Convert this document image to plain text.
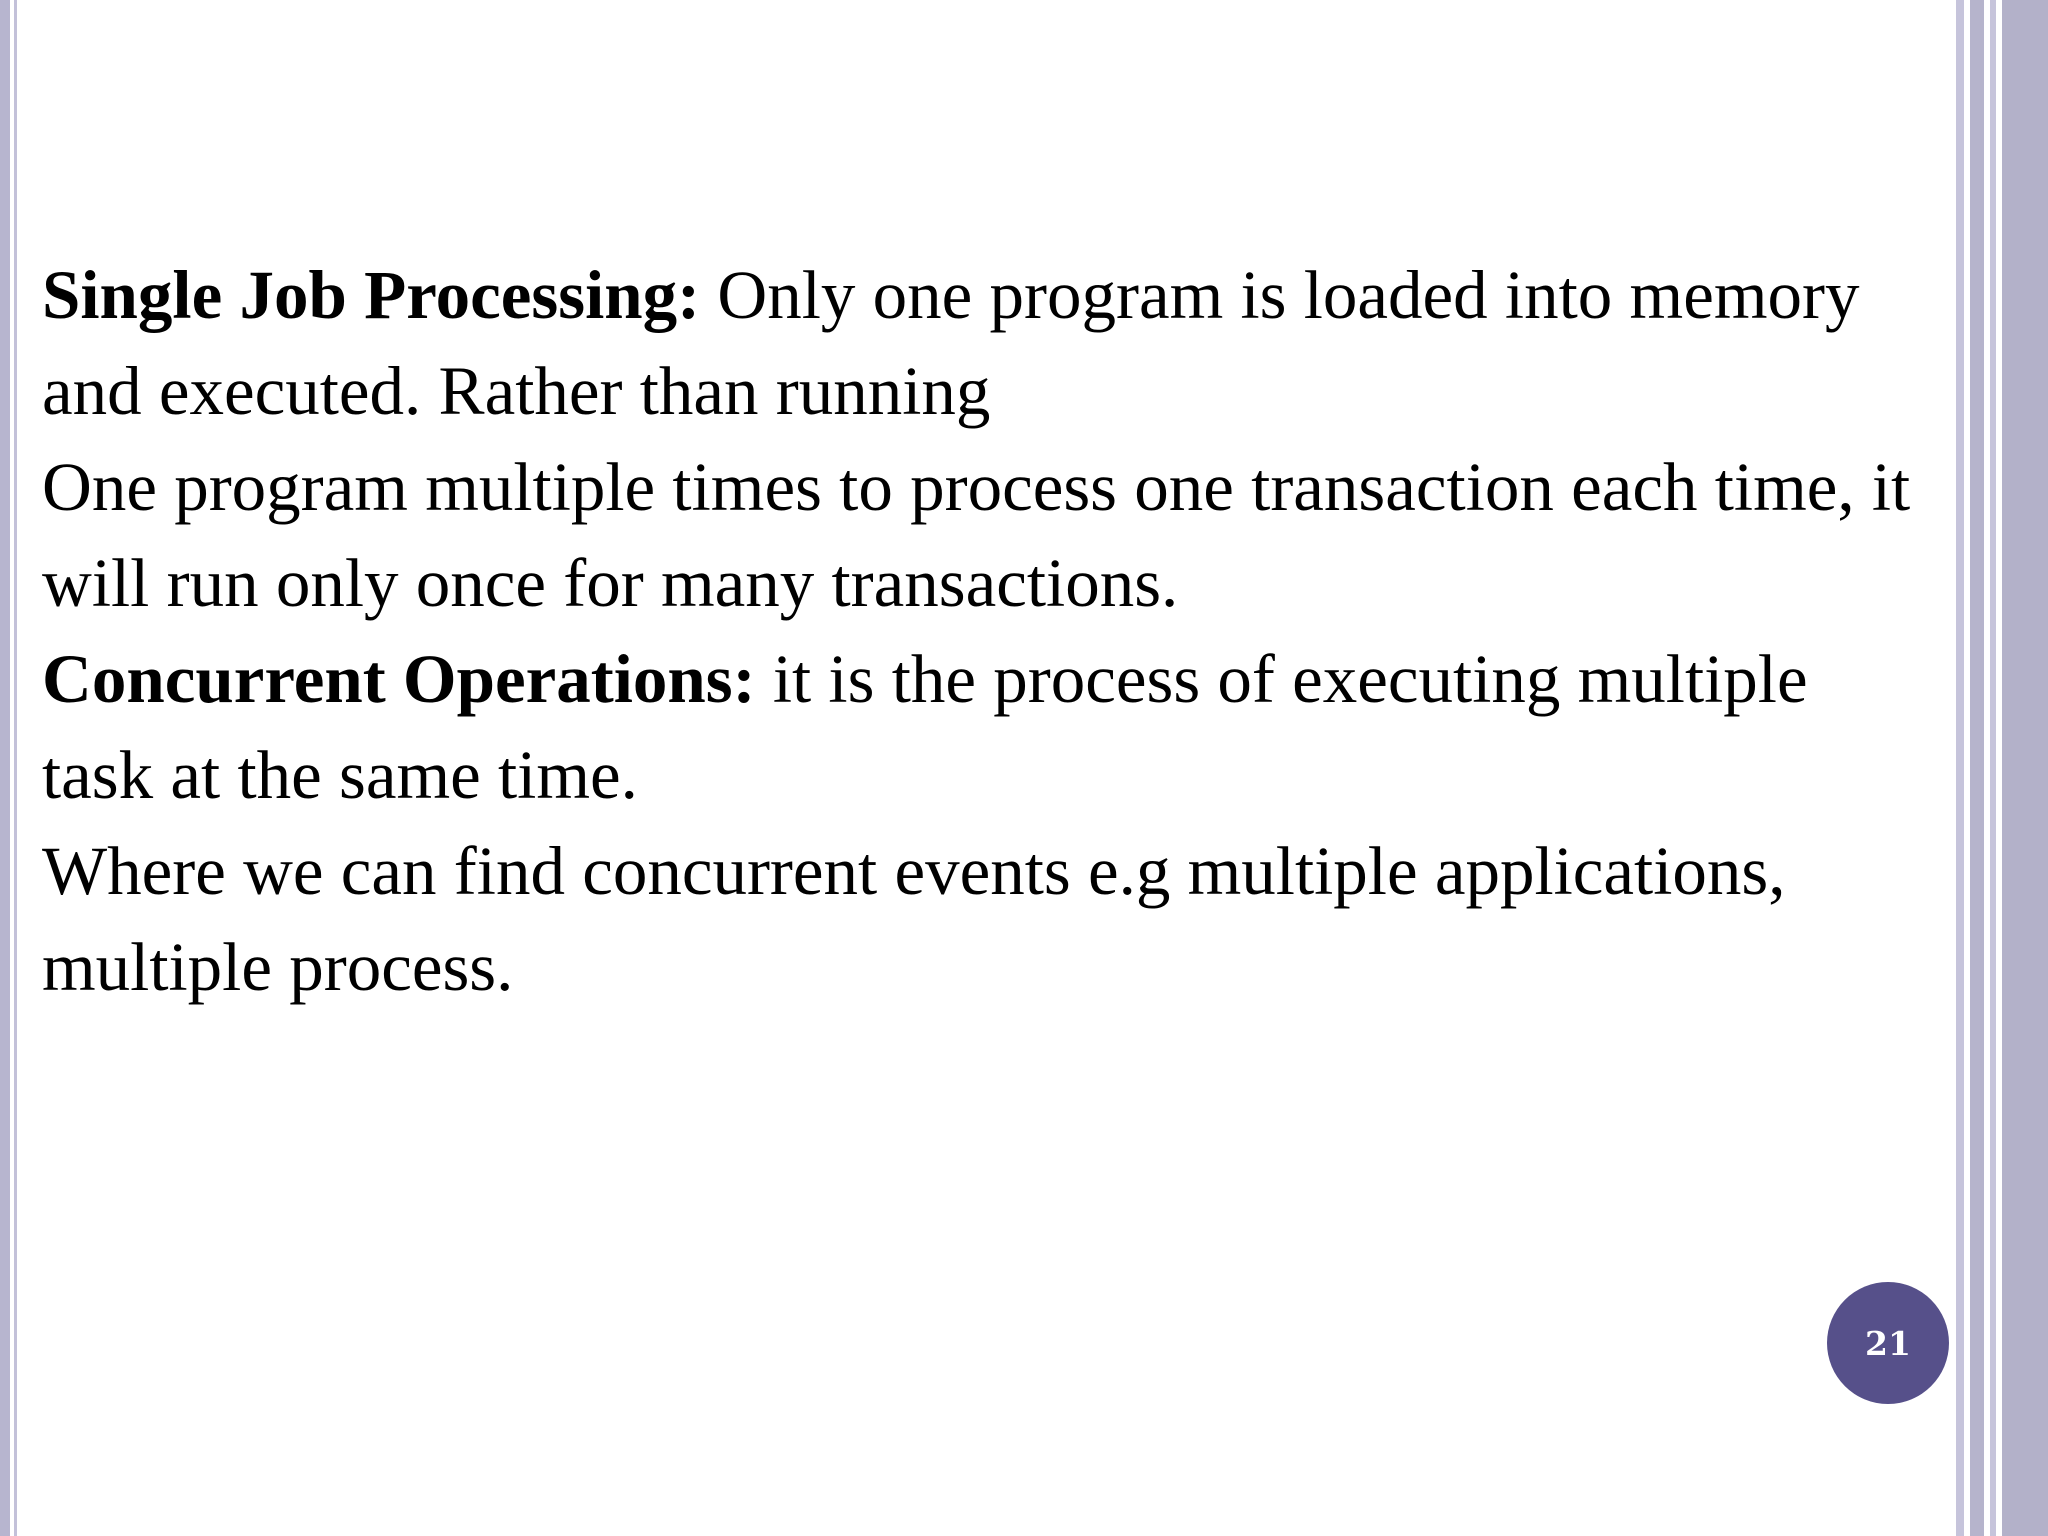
Single Job Processing: Only one program is loaded into memory and executed. Rather than running

One program multiple times to process one transaction each time, it will run only once for many transactions.

Concurrent Operations: it is the process of executing multiple task at the same time.

Where we can find concurrent events e.g multiple applications, multiple process.

21
